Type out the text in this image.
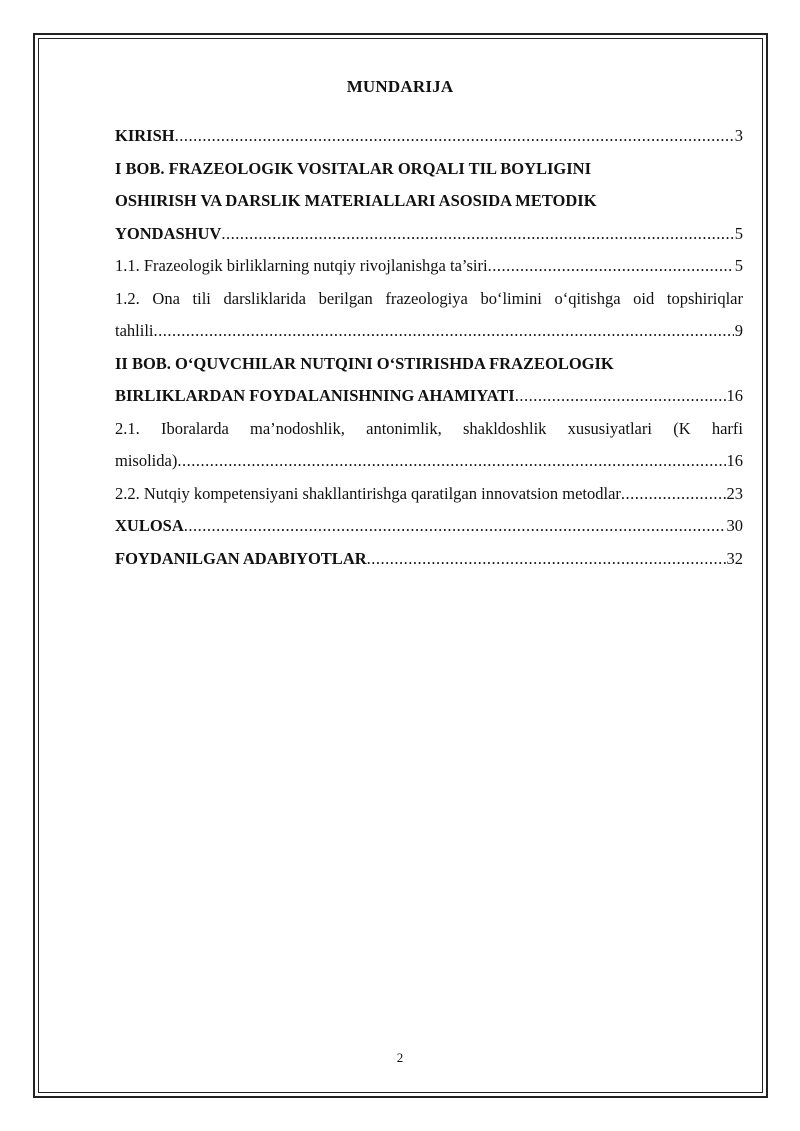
MUNDARIJA
KIRISH .....	3
I BOB. FRAZEOLOGIK VOSITALAR ORQALI TIL BOYLIGINI
OSHIRISH VA DARSLIK MATERIALLARI ASOSIDA METODIK
YONDASHUV .....	5
1.1. Frazeologik birliklarning nutqiy rivojlanishga ta’siri .....	5
1.2. Ona tili darsliklarida berilgan frazeologiya bo‘limini o‘qitishga oid topshiriqlar
tahlili .....	9
II BOB. O‘QUVCHILAR NUTQINI O‘STIRISHDA FRAZEOLOGIK
BIRLIKLARDAN FOYDALANISHNING AHAMIYATI .....	16
2.1. Iboralarda ma’nodoshlik, antonimlik, shakldoshlik xususiyatlari (K harfi
misolida) .....	16
2.2. Nutqiy kompetensiyani shakllantirishga qaratilgan innovatsion metodlar .....	23
XULOSA .....	30
FOYDANILGAN ADABIYOTLAR .....	32
2
